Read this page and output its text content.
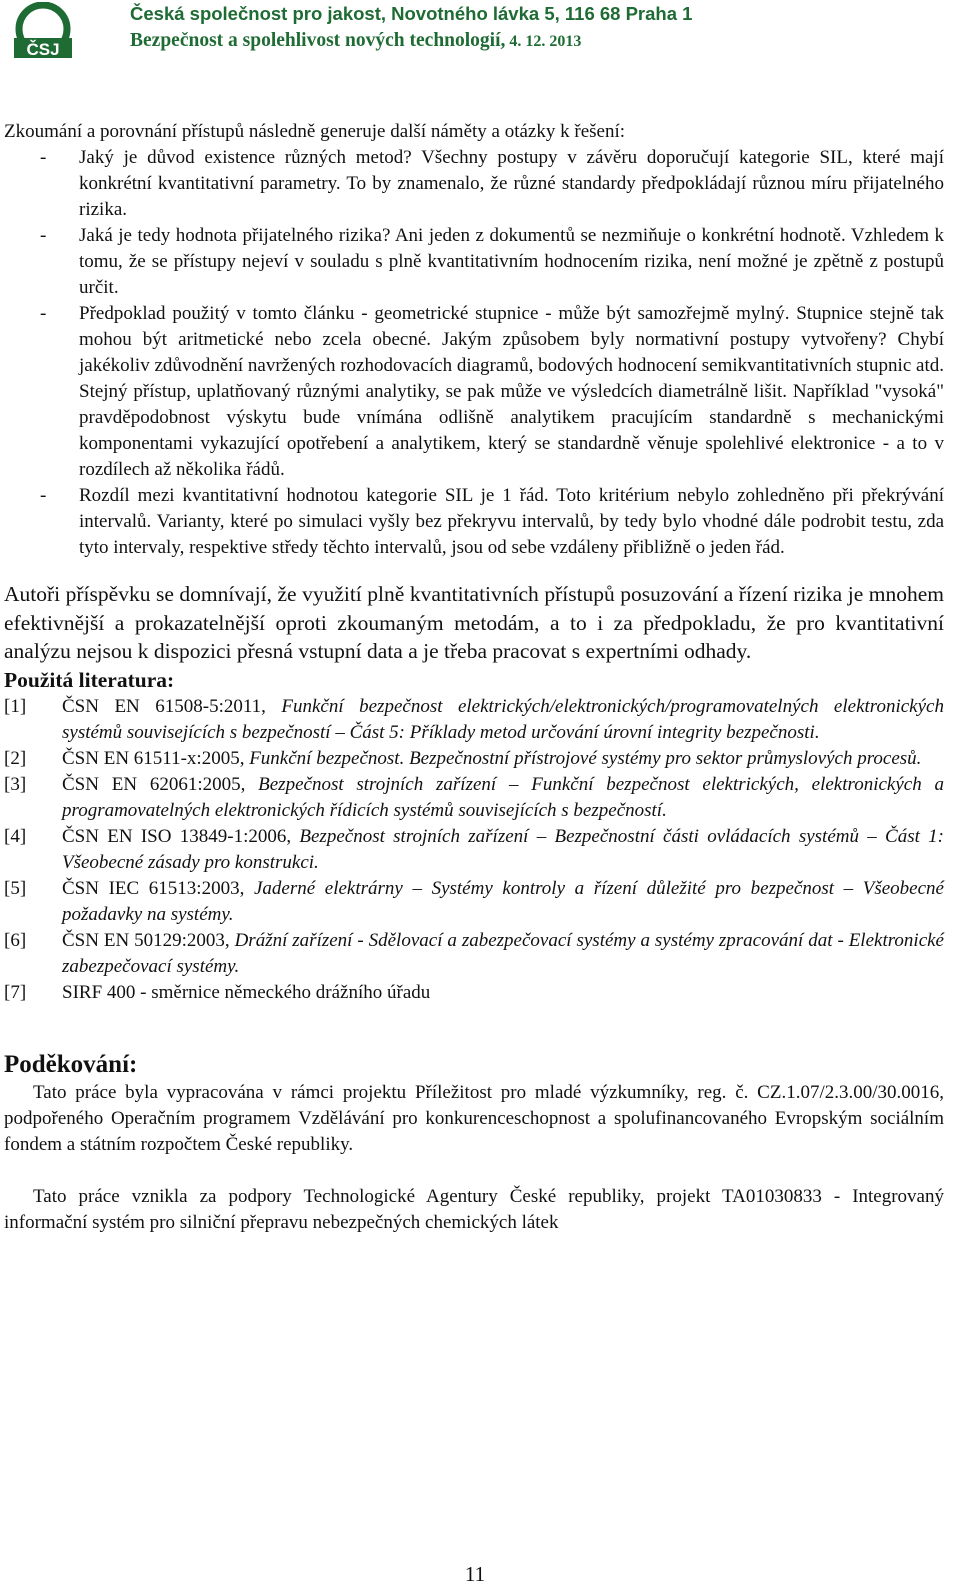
ČSJ
Česká společnost pro jakost, Novotného lávka 5, 116 68 Praha 1
Bezpečnost a spolehlivost nových technologií, 4. 12. 2013

Zkoumání a porovnání přístupů následně generuje další náměty a otázky k řešení:

- Jaký je důvod existence různých metod? Všechny postupy v závěru doporučují kategorie SIL, které mají konkrétní kvantitativní parametry. To by znamenalo, že různé standardy předpokládají různou míru přijatelného rizika.
- Jaká je tedy hodnota přijatelného rizika? Ani jeden z dokumentů se nezmiňuje o konkrétní hodnotě. Vzhledem k tomu, že se přístupy nejeví v souladu s plně kvantitativním hodnocením rizika, není možné je zpětně z postupů určit.
- Předpoklad použitý v tomto článku - geometrické stupnice - může být samozřejmě mylný. Stupnice stejně tak mohou být aritmetické nebo zcela obecné. Jakým způsobem byly normativní postupy vytvořeny? Chybí jakékoliv zdůvodnění navržených rozhodovacích diagramů, bodových hodnocení semikvantitativních stupnic atd. Stejný přístup, uplatňovaný různými analytiky, se pak může ve výsledcích diametrálně lišit. Například "vysoká" pravděpodobnost výskytu bude vnímána odlišně analytikem pracujícím standardně s mechanickými komponentami vykazující opotřebení a analytikem, který se standardně věnuje spolehlivé elektronice - a to v rozdílech až několika řádů.
- Rozdíl mezi kvantitativní hodnotou kategorie SIL je 1 řád. Toto kritérium nebylo zohledněno při překrývání intervalů. Varianty, které po simulaci vyšly bez překryvu intervalů, by tedy bylo vhodné dále podrobit testu, zda tyto intervaly, respektive středy těchto intervalů, jsou od sebe vzdáleny přibližně o jeden řád.

Autoři příspěvku se domnívají, že využití plně kvantitativních přístupů posuzování a řízení rizika je mnohem efektivnější a prokazatelnější oproti zkoumaným metodám, a to i za předpokladu, že pro kvantitativní analýzu nejsou k dispozici přesná vstupní data a je třeba pracovat s expertními odhady.

Použitá literatura:
[1] ČSN EN 61508-5:2011, Funkční bezpečnost elektrických/elektronických/programovatelných elektronických systémů souvisejících s bezpečností – Část 5: Příklady metod určování úrovní integrity bezpečnosti.
[2] ČSN EN 61511-x:2005, Funkční bezpečnost. Bezpečnostní přístrojové systémy pro sektor průmyslových procesů.
[3] ČSN EN 62061:2005, Bezpečnost strojních zařízení – Funkční bezpečnost elektrických, elektronických a programovatelných elektronických řídicích systémů souvisejících s bezpečností.
[4] ČSN EN ISO 13849-1:2006, Bezpečnost strojních zařízení – Bezpečnostní části ovládacích systémů – Část 1: Všeobecné zásady pro konstrukci.
[5] ČSN IEC 61513:2003, Jaderné elektrárny – Systémy kontroly a řízení důležité pro bezpečnost – Všeobecné požadavky na systémy.
[6] ČSN EN 50129:2003, Drážní zařízení - Sdělovací a zabezpečovací systémy a systémy zpracování dat - Elektronické zabezpečovací systémy.
[7] SIRF 400 - směrnice německého drážního úřadu
Poděkování:

Tato práce byla vypracována v rámci projektu Příležitost pro mladé výzkumníky, reg. č. CZ.1.07/2.3.00/30.0016, podpořeného Operačním programem Vzdělávání pro konkurenceschopnost a spolufinancovaného Evropským sociálním fondem a státním rozpočtem České republiky.

Tato práce vznikla za podpory Technologické Agentury České republiky, projekt TA01030833 - Integrovaný informační systém pro silniční přepravu nebezpečných chemických látek

11
